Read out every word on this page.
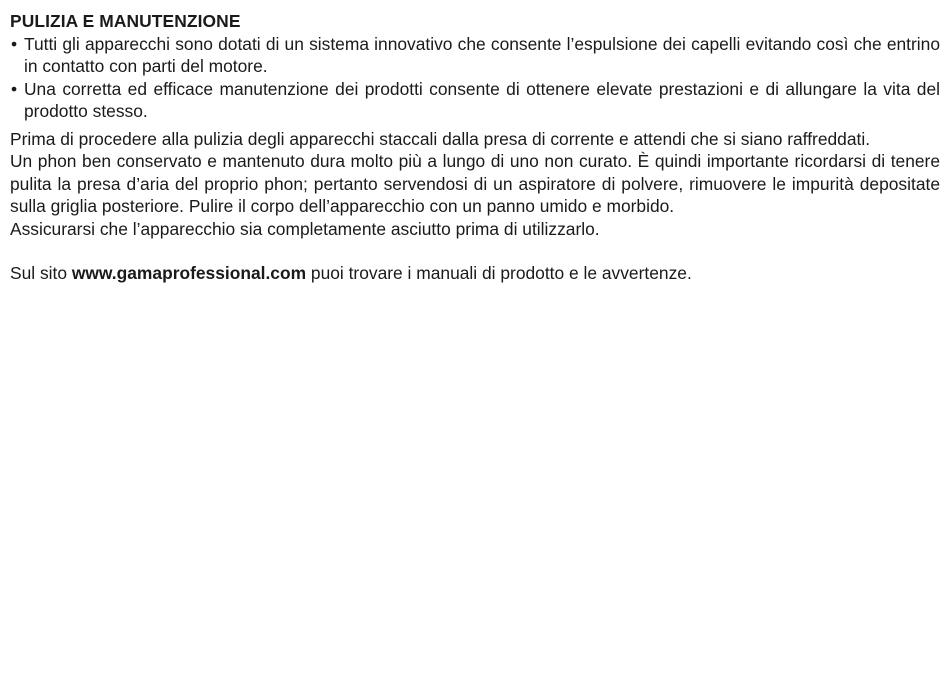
PULIZIA E MANUTENZIONE
• Tutti gli apparecchi sono dotati di un sistema innovativo che consente l’espulsione dei capelli evitando così che entrino in contatto con parti del motore.
• Una corretta ed efficace manutenzione dei prodotti consente di ottenere elevate prestazioni e di allungare la vita del prodotto stesso.

Prima di procedere alla pulizia degli apparecchi staccali dalla presa di corrente e attendi che si siano raffreddati.

Un phon ben conservato e mantenuto dura molto più a lungo di uno non curato. È quindi importante ricordarsi di tenere pulita la presa d’aria del proprio phon; pertanto servendosi di un aspiratore di polvere, rimuovere le impurità depositate sulla griglia posteriore. Pulire il corpo dell’apparecchio con un panno umido e morbido.

Assicurarsi che l’apparecchio sia completamente asciutto prima di utilizzarlo.

Sul sito www.gamaprofessional.com puoi trovare i manuali di prodotto e le avvertenze.
